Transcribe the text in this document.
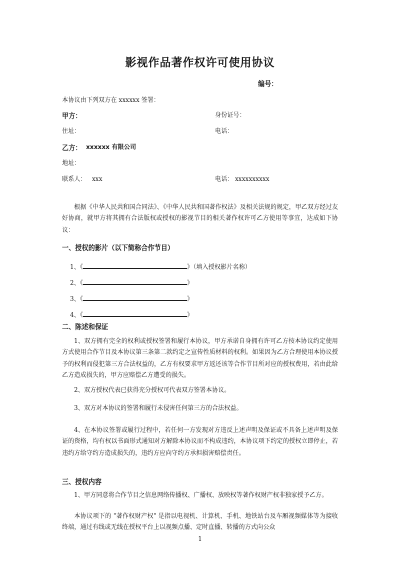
影视作品著作权许可使用协议
编号：
本协议由下列双方在 xxxxxx 签署：
甲方：	身份证号：
住址：	电话：
乙方： xxxxxx 有限公司
地址：
联系人： xxx	电话： xxxxxxxxxx
根据《中华人民共和国合同法》、《中华人民共和国著作权法》及相关法规的规定，甲乙双方经过友好协商，就甲方将其拥有合法版权或授权的影视节目的相关著作权许可乙方使用等事宜，达成如下协议：
一、授权的影片（以下简称合作节目）
1、《	》（填入授权影片名称）
2、《	》
3、《	》
4、《	》
二、陈述和保证
1、双方拥有完全的权利或授权签署和履行本协议，甲方承诺自身拥有许可乙方按本协议约定使用方式使用合作节目及本协议第三条第二款约定之宣传性质材料的权利。如果因为乙方合理使用本协议授予的权利而侵犯第三方合法权益的，乙方有权要求甲方返还该等合作节目所对应的授权费用，若由此给乙方造成损失的，甲方应赔偿乙方遭受的损失。
2、双方授权代表已获得充分授权可代表双方签署本协议。
3、双方对本协议的签署和履行未侵害任何第三方的合法权益。
4、在本协议签署或履行过程中，若任何一方发现对方违反上述声明及保证或不具备上述声明及保证的资格，均有权以书面形式通知对方解除本协议而不构成违约，本协议项下约定的授权立即停止，若违约方给守约方造成损失的，违约方应向守约方承担损害赔偿责任。
三、授权内容
1、甲方同意将合作节目之信息网络传播权、广播权、放映权等著作权财产权非独家授予乙方。
本协议项下的 "著作权财产权" 是指以电视机、计算机、手机、地铁站台及车厢视频媒体等为接收终端，通过有线或无线在授权平台上以视频点播、定时直播、转播的方式向公众
1
